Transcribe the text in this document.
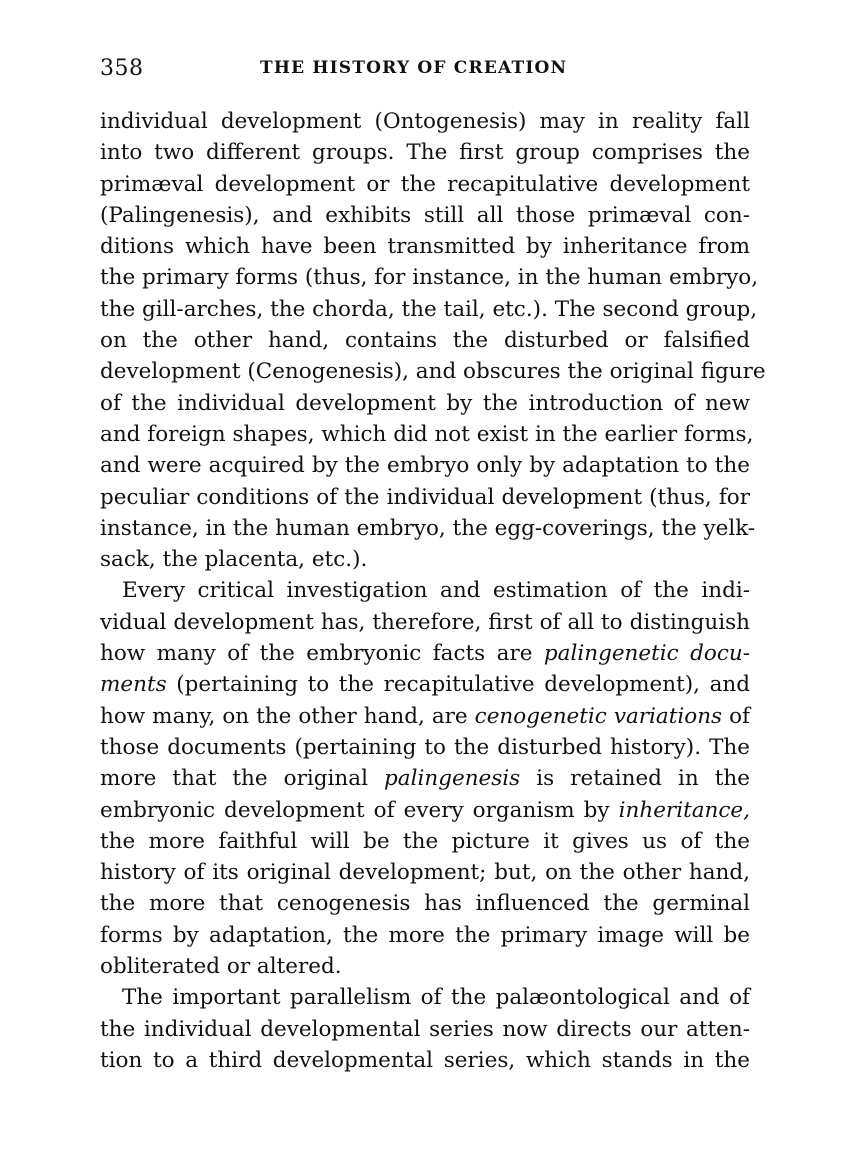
358	THE HISTORY OF CREATION

individual development (Ontogenesis) may in reality fall
into two different groups. The first group comprises the
primæval development or the recapitulative development
(Palingenesis), and exhibits still all those primæval con-
ditions which have been transmitted by inheritance from
the primary forms (thus, for instance, in the human embryo,
the gill-arches, the chorda, the tail, etc.). The second group,
on the other hand, contains the disturbed or falsified
development (Cenogenesis), and obscures the original figure
of the individual development by the introduction of new
and foreign shapes, which did not exist in the earlier forms,
and were acquired by the embryo only by adaptation to the
peculiar conditions of the individual development (thus, for
instance, in the human embryo, the egg-coverings, the yelk-
sack, the placenta, etc.).

Every critical investigation and estimation of the indi-
vidual development has, therefore, first of all to distinguish
how many of the embryonic facts are palingenetic docu-
ments (pertaining to the recapitulative development), and
how many, on the other hand, are cenogenetic variations of
those documents (pertaining to the disturbed history). The
more that the original palingenesis is retained in the
embryonic development of every organism by inheritance,
the more faithful will be the picture it gives us of the
history of its original development; but, on the other hand,
the more that cenogenesis has influenced the germinal
forms by adaptation, the more the primary image will be
obliterated or altered.

The important parallelism of the palæontological and of
the individual developmental series now directs our atten-
tion to a third developmental series, which stands in the
